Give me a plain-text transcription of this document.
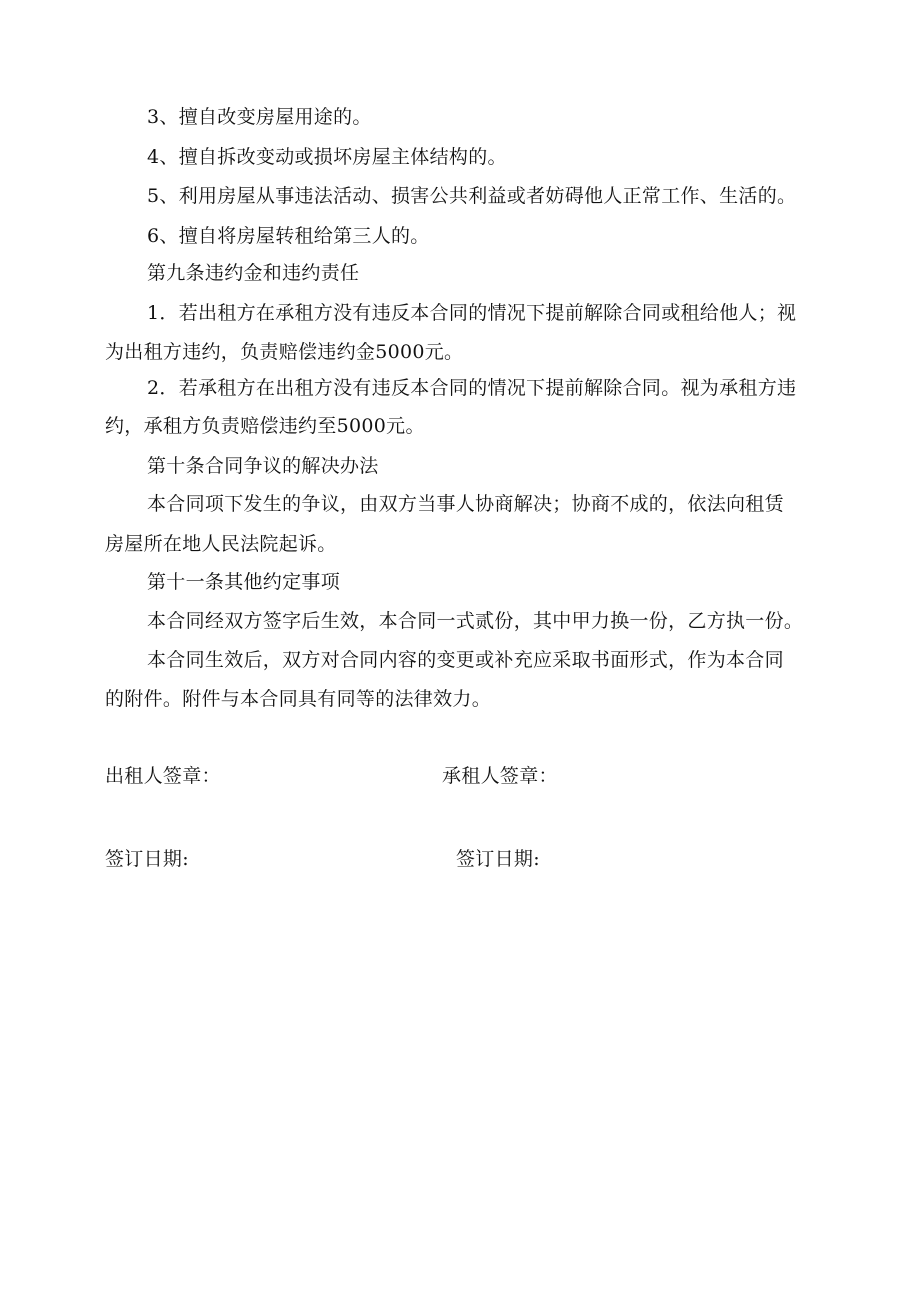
3、擅自改变房屋用途的。
4、擅自拆改变动或损坏房屋主体结构的。
5、利用房屋从事违法活动、损害公共利益或者妨碍他人正常工作、生活的。
6、擅自将房屋转租给第三人的。
第九条违约金和违约责任
1．若出租方在承租方没有违反本合同的情况下提前解除合同或租给他人；视
为出租方违约，负责赔偿违约金5000元。
2．若承租方在出租方没有违反本合同的情况下提前解除合同。视为承租方违
约，承租方负责赔偿违约至5000元。
第十条合同争议的解决办法
本合同项下发生的争议，由双方当事人协商解决；协商不成的，依法向租赁
房屋所在地人民法院起诉。
第十一条其他约定事项
本合同经双方签字后生效，本合同一式贰份，其中甲力换一份，乙方执一份。
本合同生效后，双方对合同内容的变更或补充应采取书面形式，作为本合同
的附件。附件与本合同具有同等的法律效力。
出租人签章：	承租人签章：
签订日期:	签订日期:
